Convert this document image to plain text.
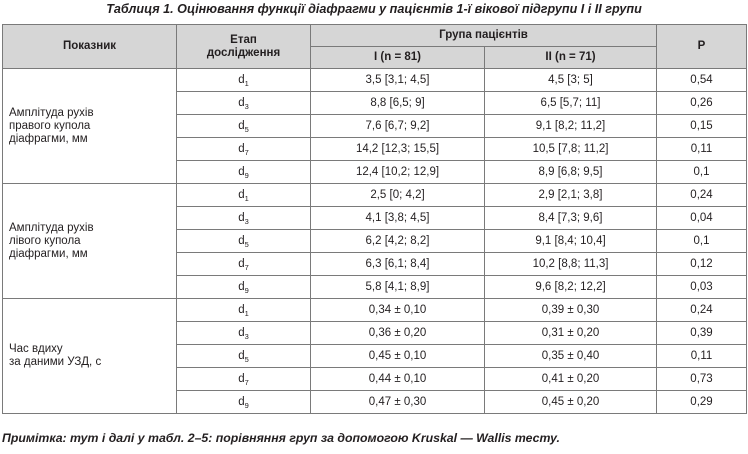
Таблиця 1. Оцінювання функції діафрагми у пацієнтів 1-ї вікової підгрупи І і ІІ групи
Показник	Етап
дослідження	Група пацієнтів		P
		I (n = 81)	II (n = 71)	
Амплітуда рухів
правого купола
діафрагми, мм	$d_1$	3,5 [3,1; 4,5]	4,5 [3; 5]	0,54
	$d_3$	8,8 [6,5; 9]	6,5 [5,7; 11]	0,26
	$d_5$	7,6 [6,7; 9,2]	9,1 [8,2; 11,2]	0,15
	$d_7$	14,2 [12,3; 15,5]	10,5 [7,8; 11,2]	0,11
	$d_9$	12,4 [10,2; 12,9]	8,9 [6,8; 9,5]	0,1
Амплітуда рухів
лівого купола
діафрагми, мм	$d_1$	2,5 [0; 4,2]	2,9 [2,1; 3,8]	0,24
	$d_3$	4,1 [3,8; 4,5]	8,4 [7,3; 9,6]	0,04
	$d_5$	6,2 [4,2; 8,2]	9,1 [8,4; 10,4]	0,1
	$d_7$	6,3 [6,1; 8,4]	10,2 [8,8; 11,3]	0,12
	$d_9$	5,8 [4,1; 8,9]	9,6 [8,2; 12,2]	0,03
Час вдиху
за даними УЗД, с	$d_1$	0,34 ± 0,10	0,39 ± 0,30	0,24
	$d_3$	0,36 ± 0,20	0,31 ± 0,20	0,39
	$d_5$	0,45 ± 0,10	0,35 ± 0,40	0,11
	$d_7$	0,44 ± 0,10	0,41 ± 0,20	0,73
	$d_9$	0,47 ± 0,30	0,45 ± 0,20	0,29
Примітка: тут і далі у табл. 2–5: порівняння груп за допомогою Kruskal — Wallis тесту.
